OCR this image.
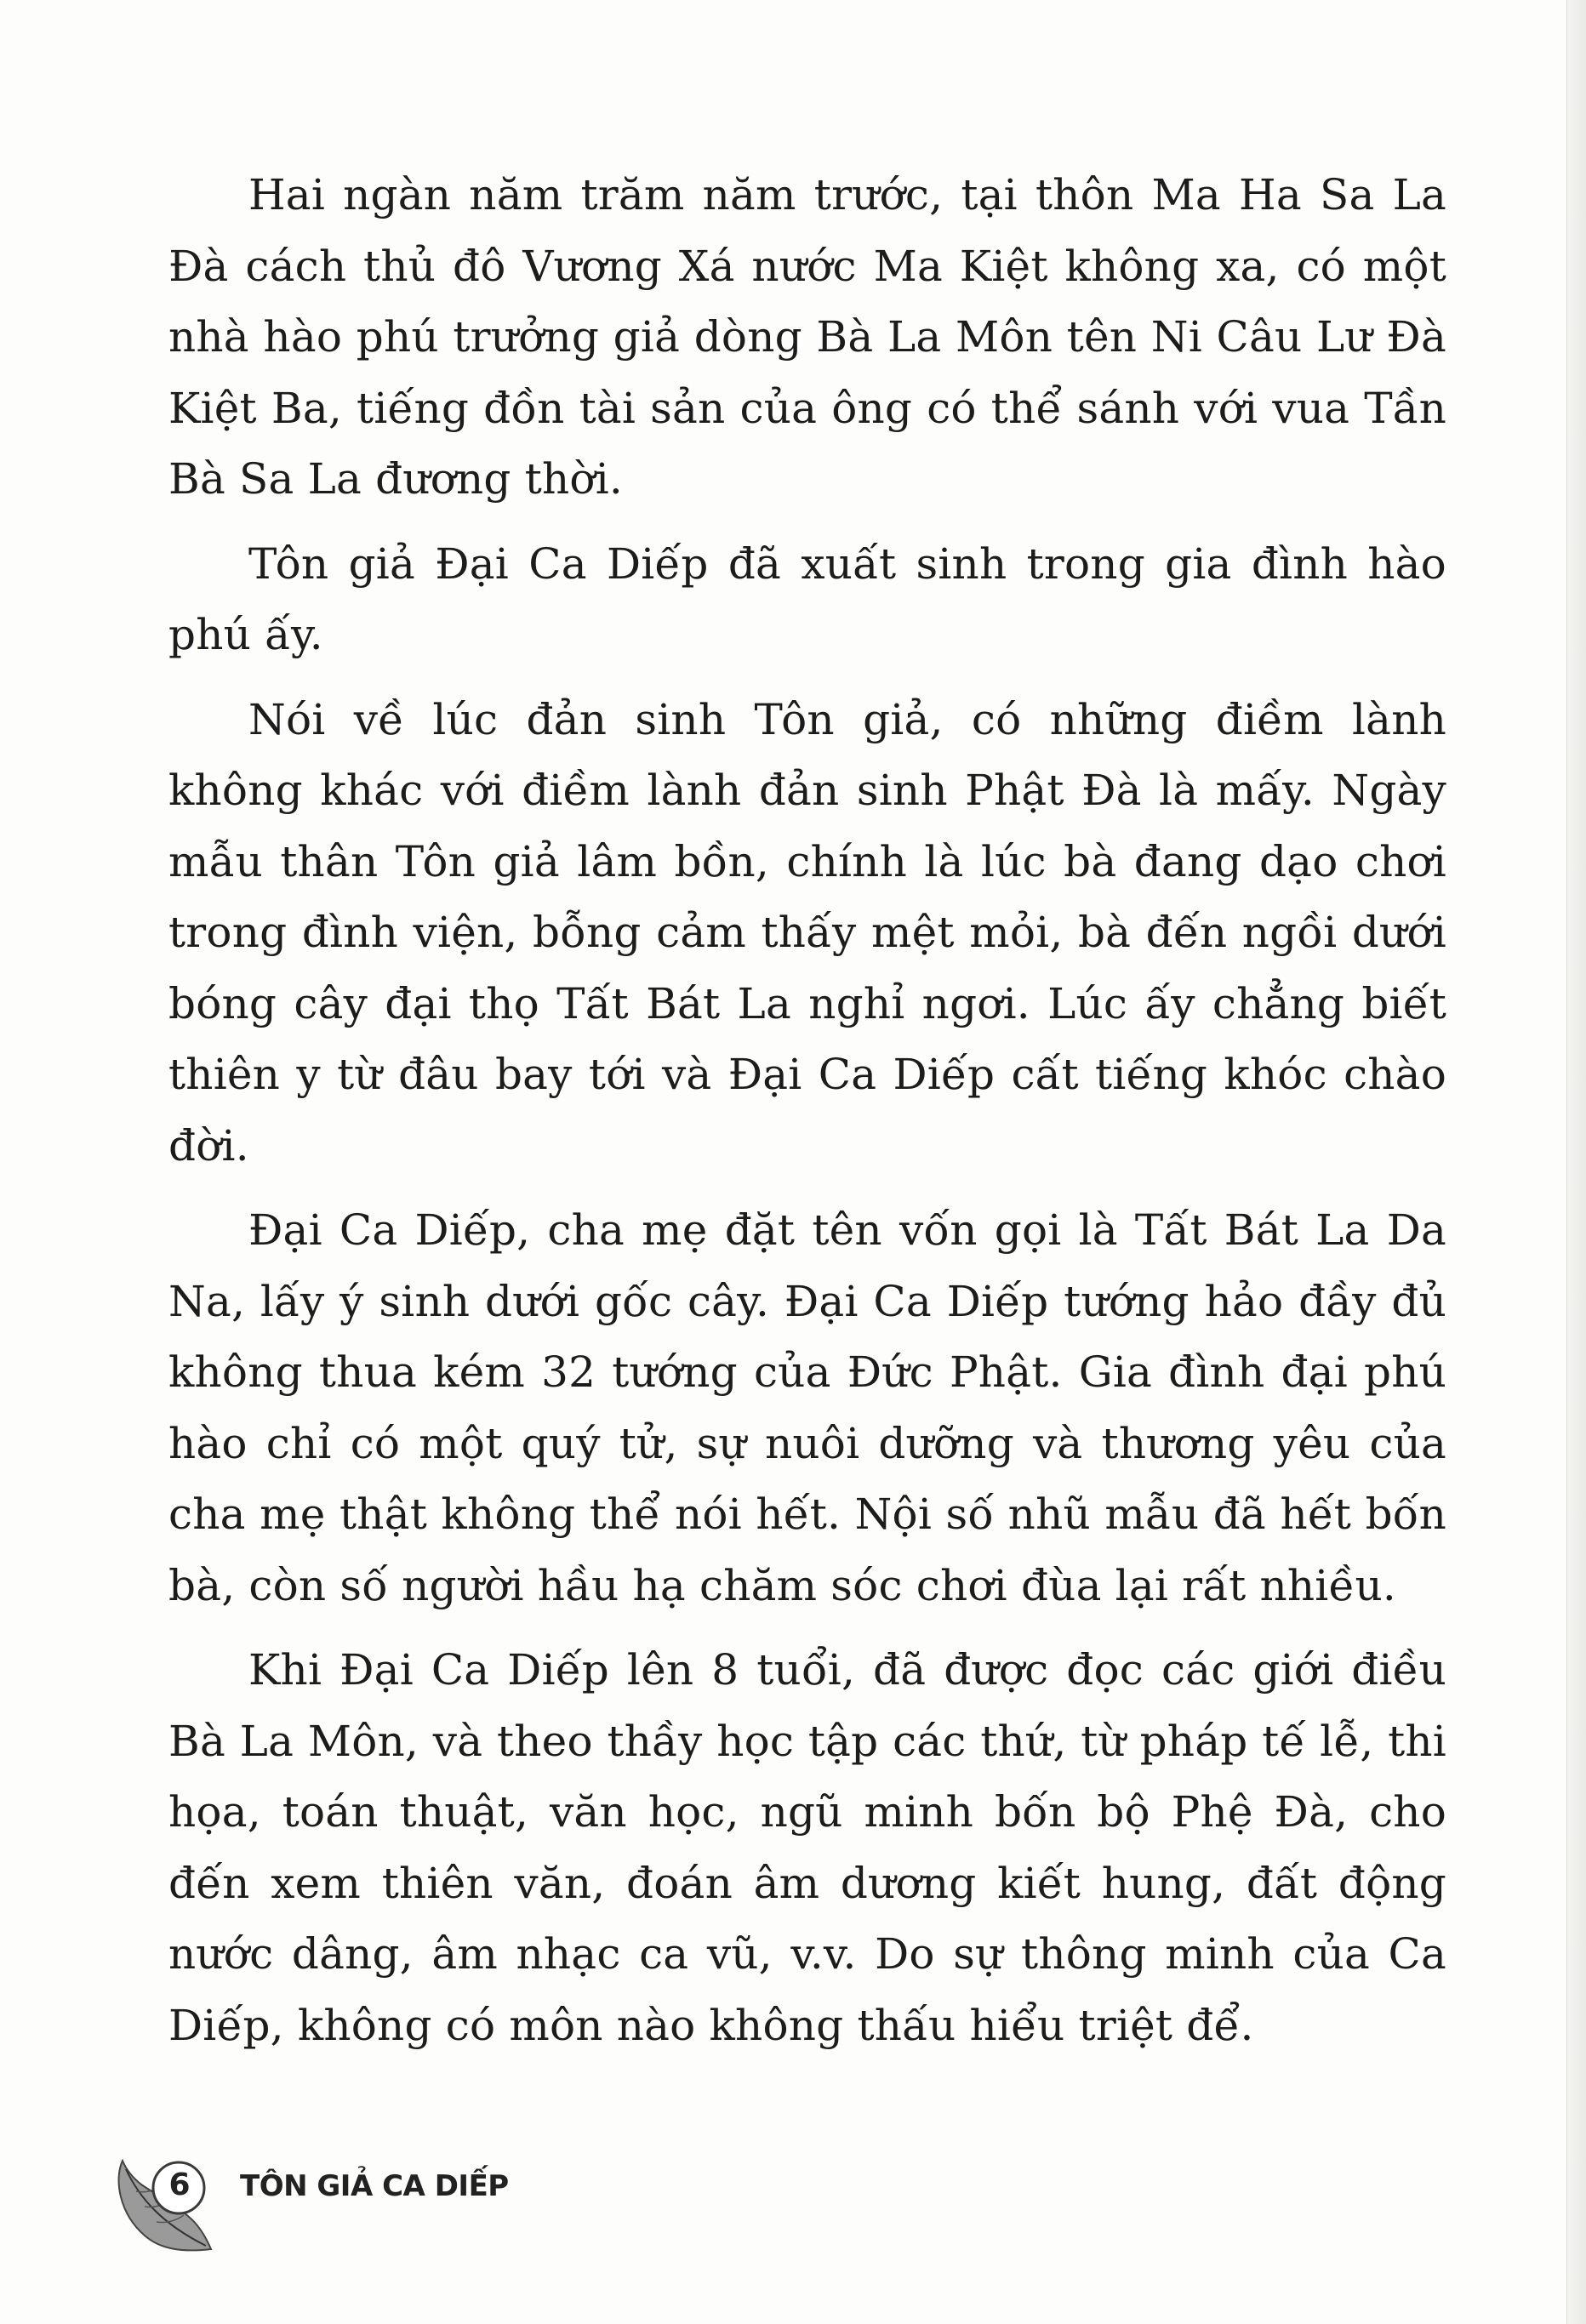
Hai ngàn năm trăm năm trước, tại thôn Ma Ha Sa La Đà cách thủ đô Vương Xá nước Ma Kiệt không xa, có một nhà hào phú trưởng giả dòng Bà La Môn tên Ni Câu Lư Đà Kiệt Ba, tiếng đồn tài sản của ông có thể sánh với vua Tần Bà Sa La đương thời.

Tôn giả Đại Ca Diếp đã xuất sinh trong gia đình hào phú ấy.

Nói về lúc đản sinh Tôn giả, có những điềm lành không khác với điềm lành đản sinh Phật Đà là mấy. Ngày mẫu thân Tôn giả lâm bồn, chính là lúc bà đang dạo chơi trong đình viện, bỗng cảm thấy mệt mỏi, bà đến ngồi dưới bóng cây đại thọ Tất Bát La nghỉ ngơi. Lúc ấy chẳng biết thiên y từ đâu bay tới và Đại Ca Diếp cất tiếng khóc chào đời.

Đại Ca Diếp, cha mẹ đặt tên vốn gọi là Tất Bát La Da Na, lấy ý sinh dưới gốc cây. Đại Ca Diếp tướng hảo đầy đủ không thua kém 32 tướng của Đức Phật. Gia đình đại phú hào chỉ có một quý tử, sự nuôi dưỡng và thương yêu của cha mẹ thật không thể nói hết. Nội số nhũ mẫu đã hết bốn bà, còn số người hầu hạ chăm sóc chơi đùa lại rất nhiều.

Khi Đại Ca Diếp lên 8 tuổi, đã được đọc các giới điều Bà La Môn, và theo thầy học tập các thứ, từ pháp tế lễ, thi họa, toán thuật, văn học, ngũ minh bốn bộ Phệ Đà, cho đến xem thiên văn, đoán âm dương kiết hung, đất động nước dâng, âm nhạc ca vũ, v.v. Do sự thông minh của Ca Diếp, không có môn nào không thấu hiểu triệt để.

6 TÔN GIẢ CA DIẾP
